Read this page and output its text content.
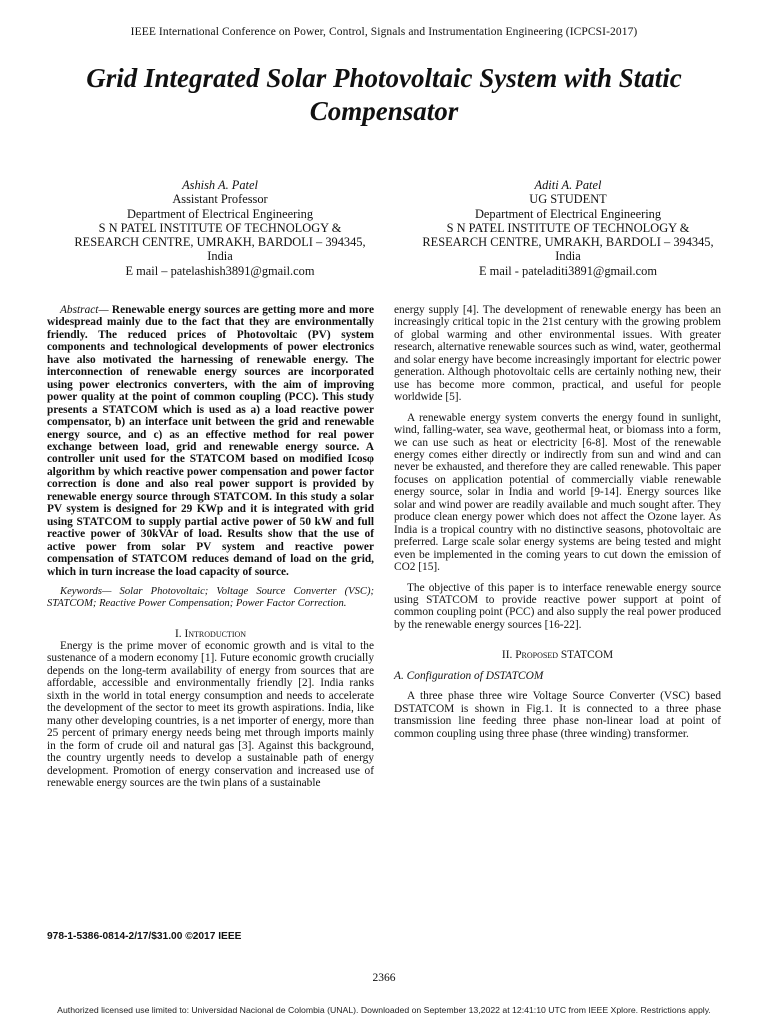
IEEE International Conference on Power, Control, Signals and Instrumentation Engineering (ICPCSI-2017)
Grid Integrated Solar Photovoltaic System with Static Compensator
Ashish A. Patel
Assistant Professor
Department of Electrical Engineering
S N PATEL INSTITUTE OF TECHNOLOGY &
RESEARCH CENTRE, UMRAKH, BARDOLI – 394345,
India
E mail – patelashish3891@gmail.com
Aditi A. Patel
UG STUDENT
Department of Electrical Engineering
S N PATEL INSTITUTE OF TECHNOLOGY &
RESEARCH CENTRE, UMRAKH, BARDOLI – 394345,
India
E mail - pateladiti3891@gmail.com

Abstract— Renewable energy sources are getting more and more widespread mainly due to the fact that they are environmentally friendly. The reduced prices of Photovoltaic (PV) system components and technological developments of power electronics have also motivated the harnessing of renewable energy. The interconnection of renewable energy sources are incorporated using power electronics converters, with the aim of improving power quality at the point of common coupling (PCC). This study presents a STATCOM which is used as a) a load reactive power compensator, b) an interface unit between the grid and renewable energy source, and c) as an effective method for real power exchange between load, grid and renewable energy source. A controller unit used for the STATCOM based on modified Icosφ algorithm by which reactive power compensation and power factor correction is done and also real power support is provided by renewable energy source through STATCOM. In this study a solar PV system is designed for 29 KWp and it is integrated with grid using STATCOM to supply partial active power of 50 kW and full reactive power of 30kVAr of load. Results show that the use of active power from solar PV system and reactive power compensation of STATCOM reduces demand of load on the grid, which in turn increase the load capacity of source.

Keywords— Solar Photovoltaic; Voltage Source Converter (VSC); STATCOM; Reactive Power Compensation; Power Factor Correction.

I. Introduction

Energy is the prime mover of economic growth and is vital to the sustenance of a modern economy [1]. Future economic growth crucially depends on the long-term availability of energy from sources that are affordable, accessible and environmentally friendly [2]. India ranks sixth in the world in total energy consumption and needs to accelerate the development of the sector to meet its growth aspirations. India, like many other developing countries, is a net importer of energy, more than 25 percent of primary energy needs being met through imports mainly in the form of crude oil and natural gas [3]. Against this background, the country urgently needs to develop a sustainable path of energy development. Promotion of energy conservation and increased use of renewable energy sources are the twin plans of a sustainable

energy supply [4]. The development of renewable energy has been an increasingly critical topic in the 21st century with the growing problem of global warming and other environmental issues. With greater research, alternative renewable sources such as wind, water, geothermal and solar energy have become increasingly important for electric power generation. Although photovoltaic cells are certainly nothing new, their use has become more common, practical, and useful for people worldwide [5].

A renewable energy system converts the energy found in sunlight, wind, falling-water, sea wave, geothermal heat, or biomass into a form, we can use such as heat or electricity [6-8]. Most of the renewable energy comes either directly or indirectly from sun and wind and can never be exhausted, and therefore they are called renewable. This paper focuses on application potential of commercially viable renewable energy source, solar in India and world [9-14]. Energy sources like solar and wind power are readily available and much sought after. They produce clean energy power which does not affect the Ozone layer. As India is a tropical country with no distinctive seasons, photovoltaic are preferred. Large scale solar energy systems are being tested and might even be implemented in the coming years to cut down the emission of CO2 [15].

The objective of this paper is to interface renewable energy source using STATCOM to provide reactive power support at point of common coupling point (PCC) and also supply the real power produced by the renewable energy sources [16-22].

II. Proposed STATCOM

A. Configuration of DSTATCOM

A three phase three wire Voltage Source Converter (VSC) based DSTATCOM is shown in Fig.1. It is connected to a three phase transmission line feeding three phase non-linear load at point of common coupling using three phase (three winding) transformer.

978-1-5386-0814-2/17/$31.00 ©2017 IEEE
2366
Authorized licensed use limited to: Universidad Nacional de Colombia (UNAL). Downloaded on September 13,2022 at 12:41:10 UTC from IEEE Xplore. Restrictions apply.
